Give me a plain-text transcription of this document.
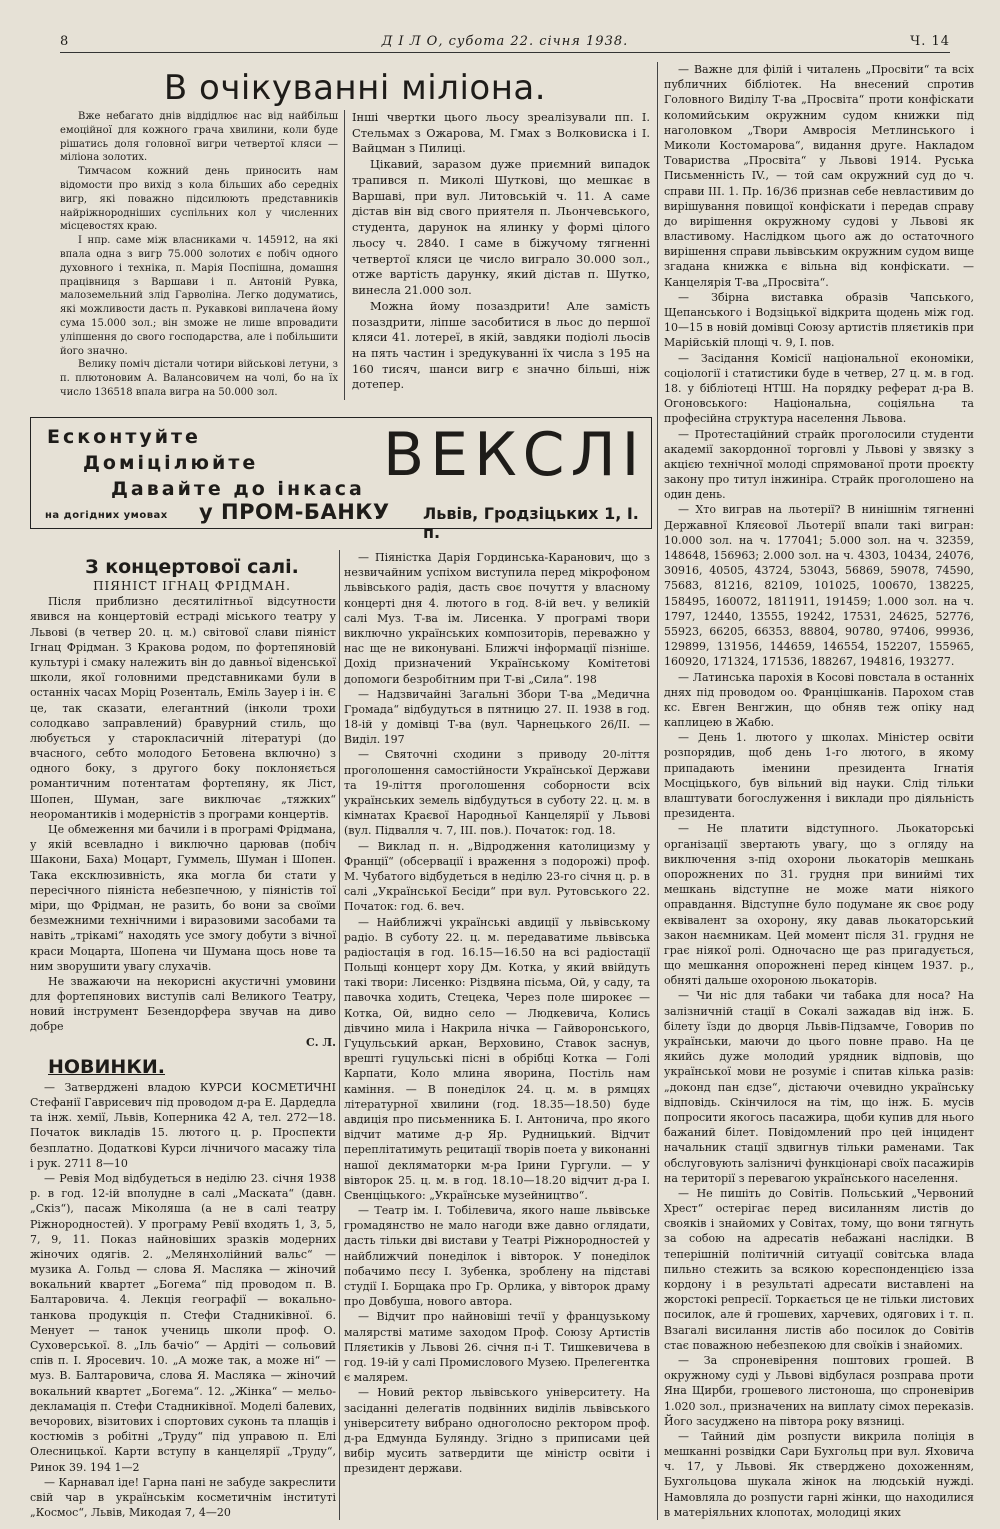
8	Д І Л О, субота 22. січня 1938.	Ч. 14
В очікуванні міліона.

Вже небагато днів віддідлює нас від найбільш емоційної для кожного грача хвилини, коли буде рішатись доля головної вигри четвертої кляси — міліона золотих.

Тимчасом кожний день приносить нам відомости про вихід з кола більших або середніх вигр, які поважно підсилюють представників найріжнородніших суспільних кол у численних місцевостях краю.

І нпр. саме між власниками ч. 145912, на які впала одна з вигр 75.000 золотих є побіч одного духовного і техніка, п. Марія Поспішна, домашня працівниця з Варшави і п. Антоній Рувка, малоземельний злід Гарволіна. Легко додуматись, які можливости дасть п. Рукавкові виплачена йому сума 15.000 зол.; він зможе не лише впровадити уліпшення до свого господарства, але і побільшити його значно.

Велику поміч дістали чотири військові летуни, з п. плютоновим А. Валансовичем на чолі, бо на їх число 136518 впала вигра на 50.000 зол.

Інші чвертки цього льосу зреалізували пп. І. Стельмах з Ожарова, М. Гмах з Волковиска і І. Вайцман з Пилиці.

Цікавий, заразом дуже приємний випадок трапився п. Миколі Шутковi, що мешкає в Варшаві, при вул. Литовській ч. 11. А саме дістав він від свого приятеля п. Льончевського, студента, дарунок на ялинку у формі цілого льосу ч. 2840. І саме в біжучому тягненні четвертої кляси це число виграло 30.000 зол., отже вартість дарунку, який дістав п. Шутко, винесла 21.000 зол.

Можна йому позаздрити! Але замість позаздрити, ліпше засобитися в льос до першої кляси 41. лотереї, в якій, завдяки подіолі льосів на пять частин і зредукуванні їх числа з 195 на 160 тисяч, шанси вигр є значно більші, ніж дотепер.

Есконтуйте
Доміцілюйте
Давайте до інкаса ВЕКСЛІ
на догідних умовах у ПРОМ-БАНКУ Львів, Гродзіцьких 1, І. п.

З концертової салі.

ПІЯНІСТ ІГНАЦ ФРІДМАН.

Після приблизно десятилітньої відсутности явився на концертовій естраді міського театру у Львові (в четвер 20. ц. м.) світової слави піяніст Ігнац Фрідман. З Кракова родом, по фортепяновій культурі і смаку належить він до давньої віденської школи, якої головними представниками були в останніх часах Моріц Розенталь, Еміль Зауер і ін. Є це, так сказати, елегантний (інколи трохи солодкаво заправлений) бравурний стиль, що любується у старокласичній літературі (до вчасного, себто молодого Бетовена включно) з одного боку, з другого боку поклоняється романтичним потентатам фортепяну, як Ліст, Шопен, Шуман, заге виключає „тяжких“ неоромантиків і модерністів з програми концертів.

Це обмеження ми бачили і в програмі Фрідмана, у якій всевладно і виключно царював (побіч Шакони, Баха) Моцарт, Гуммель, Шуман і Шопен. Така ексклюзивність, яка могла би стати у пересічного піяніста небезпечною, у піяністів тої міри, що Фрідман, не разить, бо вони за своїми безмежними технічними і виразовими засобами та навіть „трікамі“ находять усе змогу добути з вічної краси Моцарта, Шопена чи Шумана щось нове та ним зворушити увагу слухачів.

Не зважаючи на некорисні акустичні умовини для фортепянових виступів салі Великого Театру, новий інструмент Безендорфера звучав на диво добре

С. Л.

НОВИНКИ.

— Затверджені владою КУРСИ КОСМЕТИЧНІ Стефанії Гаврисевич під проводом д-ра Е. Дардедла та інж. хемії, Львів, Коперника 42 А, тел. 272—18. Початок викладів 15. лютого ц. р. Проспекти безплатно. Додаткові Курси лічничого масажу тіла і рук. 2711 8—10

— Ревія Мод відбудеться в неділю 23. січня 1938 р. в год. 12-ій вполудне в салі „Маската“ (давн. „Скіз“), пасаж Міколяша (а не в салі театру Ріжнородностей). У програму Ревії входять 1, 3, 5, 7, 9, 11. Показ найновіших зразків модерних жіночих одягів. 2. „Мелянхолійний вальс“ — музика А. Гольд — слова Я. Масляка — жіночий вокальний квартет „Богема“ під проводом п. В. Балтаровича. 4. Лекція географії — вокально-танкова продукція п. Стефи Стадниківної. 6. Менует — танок учениць школи проф. О. Суховерської. 8. „Іль бачіо“ — Ардіті — сольовий спів п. І. Яросевич. 10. „А може так, а може ні“ — муз. В. Балтаровича, слова Я. Масляка — жіночий вокальний квартет „Богема“. 12. „Жінка“ — мельо-декламація п. Стефи Стадниківної. Моделі балевих, вечорових, візитових і спортових суконь та плащів і костюмів з робітні „Труду“ під управою п. Елі Олесницької. Карти вступу в канцелярії „Труду“, Ринок 39. 194 1—2

— Карнавал іде! Гарна пані не забуде закреслити свій чар в українськім косметичнім інституті „Космос“, Львів, Микодая 7, 4—20

— Піяністка Дарія Гординська-Каранович, що з незвичайним успіхом виступила перед мікрофоном львівського радія, дасть своє почуття у власному концерті дня 4. лютого в год. 8-ій веч. у великій салі Муз. Т-ва ім. Лисенка. У програмі твори виключно українських композиторів, переважно у нас ще не виконувані. Ближчі інформації пізніше. Дохід призначений Українському Комітетові допомоги безробітним при Т-ві „Сила“. 198

— Надзвичайні Загальні Збори Т-ва „Медична Громада“ відбудуться в пятницю 27. II. 1938 в год. 18-ій у домівці Т-ва (вул. Чарнецького 26/II. — Виділ. 197

— Святочні сходини з приводу 20-ліття проголошення самостійности Української Держави та 19-ліття проголошення соборности всіх українських земель відбудуться в суботу 22. ц. м. в кімнатах Краєвої Народньої Канцелярії у Львові (вул. Підвалля ч. 7, III. пов.). Початок: год. 18.

— Виклад п. н. „Відродження католицизму у Франції“ (обсервації і враження з подорожі) проф. М. Чубатого відбудеться в неділю 23-го січня ц. р. в салі „Української Бесіди“ при вул. Рутовського 22. Початок: год. 6. веч.

— Найближчі українські авдиції у львівському радіо. В суботу 22. ц. м. передаватиме львівська радіостація в год. 16.15—16.50 на всі радіостації Польщі концерт хору Дм. Котка, у який ввійдуть такі твори: Лисенко: Різдвяна пісьма, Ой, у саду, та павочка ходить, Стецека, Через поле широкеє — Котка, Ой, видно село — Людкевича, Колись дівчино мила і Накрила нічка — Гайворонського, Гуцульський аркан, Верховино, Ставок заснув, врешті гуцульські пісні в обрібці Котка — Голі Карпати, Коло млина яворина, Постіль нам каміння. — В понеділок 24. ц. м. в рямцях літературної хвилини (год. 18.35—18.50) буде авдиція про письменника Б. І. Антонича, про якого відчит матиме д-р Яр. Рудницький. Відчит переплітатимуть рецитації творів поета у виконанні нашої декляматорки м-ра Ірини Гургули. — У вівторок 25. ц. м. в год. 18.10—18.20 відчит д-ра І. Свенціцького: „Українське музейництво“.

— Театр ім. І. Тобілевича, якого наше львівське громадянство не мало нагоди вже давно оглядати, дасть тільки дві вистави у Театрі Ріжнородностей у найближчий понеділок і вівторок. У понеділок побачимо пєсу І. Зубенка, зроблену на підставі студії І. Борщака про Гр. Орлика, у вівторок драму про Довбуша, нового автора.

— Відчит про найновіші течії у французькому малярстві матиме заходом Проф. Союзу Артистів Пляєтиків у Львові 26. січня п-і Т. Тишкевичева в год. 19-ій у салі Промислового Музею. Прелегентка є малярем.

— Новий ректор львівського університету. На засіданні делегатів подвінних виділів львівського університету вибрано одноголосно ректором проф. д-ра Едмунда Булянду. Згідно з приписами цей вибір мусить затвердити ще міністр освіти і президент держави.

— Важне для філій і читалень „Просвіти“ та всіх публичних бібліотек. На внесений спротив Головного Виділу Т-ва „Просвіта“ проти конфіскати коломийським окружним судом книжки під наголовком „Твори Амвросія Метлинського і Миколи Костомарова“, видання друге. Накладом Товариства „Просвіта“ у Львові 1914. Руська Письменність IV., — той сам окружний суд до ч. справи III. 1. Пр. 16/36 признав себе невластивим до вирішування повищої конфіскати і передав справу до вирішення окружному судові у Львові як властивому. Наслідком цього аж до остаточного вирішення справи львівським окружним судом вище згадана книжка є вільна від конфіскати. — Канцелярія Т-ва „Просвіта“.

— Збірна виставка образів Чапського, Щепанського і Водзіцької відкрита щодень між год. 10—15 в новій домівці Союзу артистів пляєтиків при Марійській площі ч. 9, І. пов.

— Засідання Комісії національної економіки, соціології і статистики буде в четвер, 27 ц. м. в год. 18. у бібліотеці НТШ. На порядку реферат д-ра В. Огоновського: Національна, соціяльна та професійна структура населення Львова.

— Протестаційний страйк проголосили студенти академії закордонної торговлі у Львові у звязку з акцією технічної молоді спрямованої проти проєкту закону про титул інжиніра. Страйк проголошено на один день.

— Хто виграв на льотерії? В нинішнім тягненні Державної Кляєової Льотерії впали такі вигран: 10.000 зол. на ч. 177041; 5.000 зол. на ч. 32359, 148648, 156963; 2.000 зол. на ч. 4303, 10434, 24076, 30916, 40505, 43724, 53043, 56869, 59078, 74590, 75683, 81216, 82109, 101025, 100670, 138225, 158495, 160072, 1811911, 191459; 1.000 зол. на ч. 1797, 12440, 13555, 19242, 17531, 24625, 52776, 55923, 66205, 66353, 88804, 90780, 97406, 99936, 129899, 131956, 144659, 146554, 152207, 155965, 160920, 171324, 171536, 188267, 194816, 193277.

— Латинська парохія в Косові повстала в останніх днях під проводом оо. Францішканів. Парохом став кс. Евген Венгжин, що обняв теж опіку над каплицею в Жабю.

— День 1. лютого у школах. Міністер освіти розпорядив, щоб день 1-го лютого, в якому припадають іменини президента Ігнатія Мосціцького, був вільний від науки. Слід тільки влаштувати богослуження і виклади про діяльність президента.

— Не платити відступного. Льокаторські організації звертають увагу, що з огляду на виключення з-під охорони льокаторів мешкань опорожнених по 31. грудня при виниймі тих мешкань відступне не може мати ніякого оправдання. Відступне було подумане як своє роду еквівалент за охорону, яку давав льокаторський закон наємникам. Цей момент після 31. грудня не грає ніякої ролі. Одночасно ще раз пригадується, що мешкання опорожнені перед кінцем 1937. р., обняті дальше охороною льокаторів.

— Чи ніс для табаки чи табака для носа? На залізничній стації в Сокалі зажадав від інж. Б. білету їзди до дворця Львів-Підзамче, Говорив по українськи, маючи до цього повне право. На це якийсь дуже молодий урядник відповів, що української мови не розуміє і спитав кілька разів: „доконд пан єдзе“, дістаючи очевидно українську відповідь. Скінчилося на тім, що інж. Б. мусів попросити якогось пасажира, щоби купив для нього бажаний білет. Повідомлений про цей інцидент начальник стації здвигнув тільки раменами. Так обслуговують залізничі функціонарі своїх пасажирів на території з перевагою українського населення.

— Не пишіть до Совітів. Польський „Червоний Хрест“ остерігає перед висиланням листів до свояків і знайомих у Совітах, тому, що вони тягнуть за собою на адресатів небажані наслідки. В теперішній політичній ситуації совітська влада пильно стежить за всякою кореспонденцією ізза кордону і в результаті адресати виставлені на жорстокі репресії. Торкається це не тільки листових посилок, але й грошевих, харчевих, одягових і т. п. Взагалі висилання листів або посилок до Совітів стає поважною небезпекою для своїків і знайомих.

— За спроневірення поштових грошей. В окружному суді у Львові відбулася розправа проти Яна Щирби, грошевого листоноша, що спроневірив 1.020 зол., призначених на виплату сімох переказів. Його засуджено на півтора року вязниці.

— Тайний дім розпусти викрила поліція в мешканні розвідки Сари Бухгольц при вул. Яховича ч. 17, у Львові. Як стверджено дохоженням, Бухгольцова шукала жінок на людській нужді. Намовляла до розпусти гарні жінки, що находилися в матеріяльних клопотах, молодиці яких
